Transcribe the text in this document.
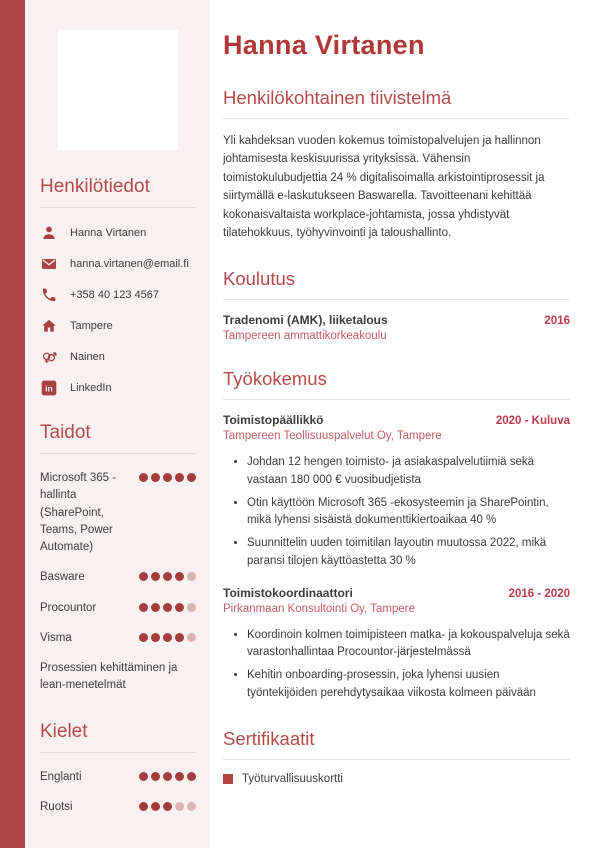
Henkilötiedot
Hanna Virtanen
hanna.virtanen@email.fi
+358 40 123 4567
Tampere
Nainen
in LinkedIn
Taidot
Microsoft 365 -hallinta (SharePoint, Teams, Power Automate)
Basware
Procountor
Visma
Prosessien kehittäminen ja lean-menetelmät
Kielet
Englanti
Ruotsi
Hanna Virtanen
Henkilökohtainen tiivistelmä

Yli kahdeksan vuoden kokemus toimistopalvelujen ja hallinnon johtamisesta keskisuurissa yrityksissä. Vähensin toimistokulubudjettia 24 % digitalisoimalla arkistointiprosessit ja siirtymällä e-laskutukseen Baswarella. Tavoitteenani kehittää kokonaisvaltaista workplace-johtamista, jossa yhdistyvät tilatehokkuus, työhyvinvointi ja taloushallinto.

Koulutus
Tradenomi (AMK), liiketalous	2016
Tampereen ammattikorkeakoulu
Työkokemus
Toimistopäällikkö	2020 - Kuluva
Tampereen Teollisuuspalvelut Oy, Tampere
• Johdan 12 hengen toimisto- ja asiakaspalvelutiimiä sekä vastaan 180 000 € vuosibudjetista
• Otin käyttöön Microsoft 365 -ekosysteemin ja SharePointin, mikä lyhensi sisäistä dokumenttikiertoaikaa 40 %
• Suunnittelin uuden toimitilan layoutin muutossa 2022, mikä paransi tilojen käyttöastetta 30 %
Toimistokoordinaattori	2016 - 2020
Pirkanmaan Konsultointi Oy, Tampere
• Koordinoin kolmen toimipisteen matka- ja kokouspalveluja sekä varastonhallintaa Procountor-järjestelmässä
• Kehitin onboarding-prosessin, joka lyhensi uusien työntekijöiden perehdytysaikaa viikosta kolmeen päivään
Sertifikaatit
Työturvallisuuskortti
